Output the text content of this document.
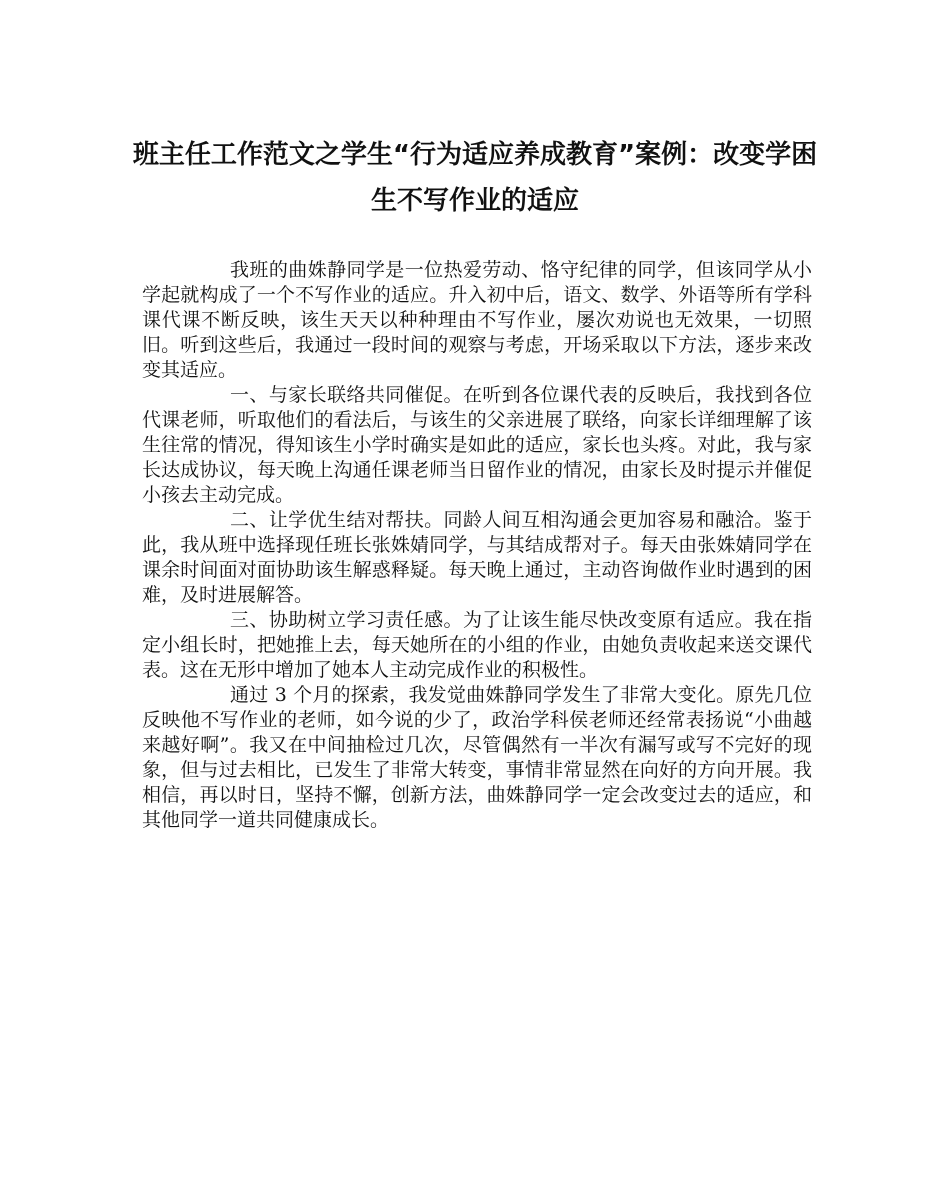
班主任工作范文之学生“行为适应养成教育”案例：改变学困生不写作业的适应

我班的曲姝静同学是一位热爱劳动、恪守纪律的同学，但该同学从小学起就构成了一个不写作业的适应。升入初中后，语文、数学、外语等所有学科课代课不断反映，该生天天以种种理由不写作业，屡次劝说也无效果，一切照旧。听到这些后，我通过一段时间的观察与考虑，开场采取以下方法，逐步来改变其适应。

一、与家长联络共同催促。在听到各位课代表的反映后，我找到各位代课老师，听取他们的看法后，与该生的父亲进展了联络，向家长详细理解了该生往常的情况，得知该生小学时确实是如此的适应，家长也头疼。对此，我与家长达成协议，每天晚上沟通任课老师当日留作业的情况，由家长及时提示并催促小孩去主动完成。

二、让学优生结对帮扶。同龄人间互相沟通会更加容易和融洽。鉴于此，我从班中选择现任班长张姝婧同学，与其结成帮对子。每天由张姝婧同学在课余时间面对面协助该生解惑释疑。每天晚上通过，主动咨询做作业时遇到的困难，及时进展解答。

三、协助树立学习责任感。为了让该生能尽快改变原有适应。我在指定小组长时，把她推上去，每天她所在的小组的作业，由她负责收起来送交课代表。这在无形中增加了她本人主动完成作业的积极性。

通过 3 个月的探索，我发觉曲姝静同学发生了非常大变化。原先几位反映他不写作业的老师，如今说的少了，政治学科侯老师还经常表扬说“小曲越来越好啊”。我又在中间抽检过几次，尽管偶然有一半次有漏写或写不完好的现象，但与过去相比，已发生了非常大转变，事情非常显然在向好的方向开展。我相信，再以时日，坚持不懈，创新方法，曲姝静同学一定会改变过去的适应，和其他同学一道共同健康成长。
